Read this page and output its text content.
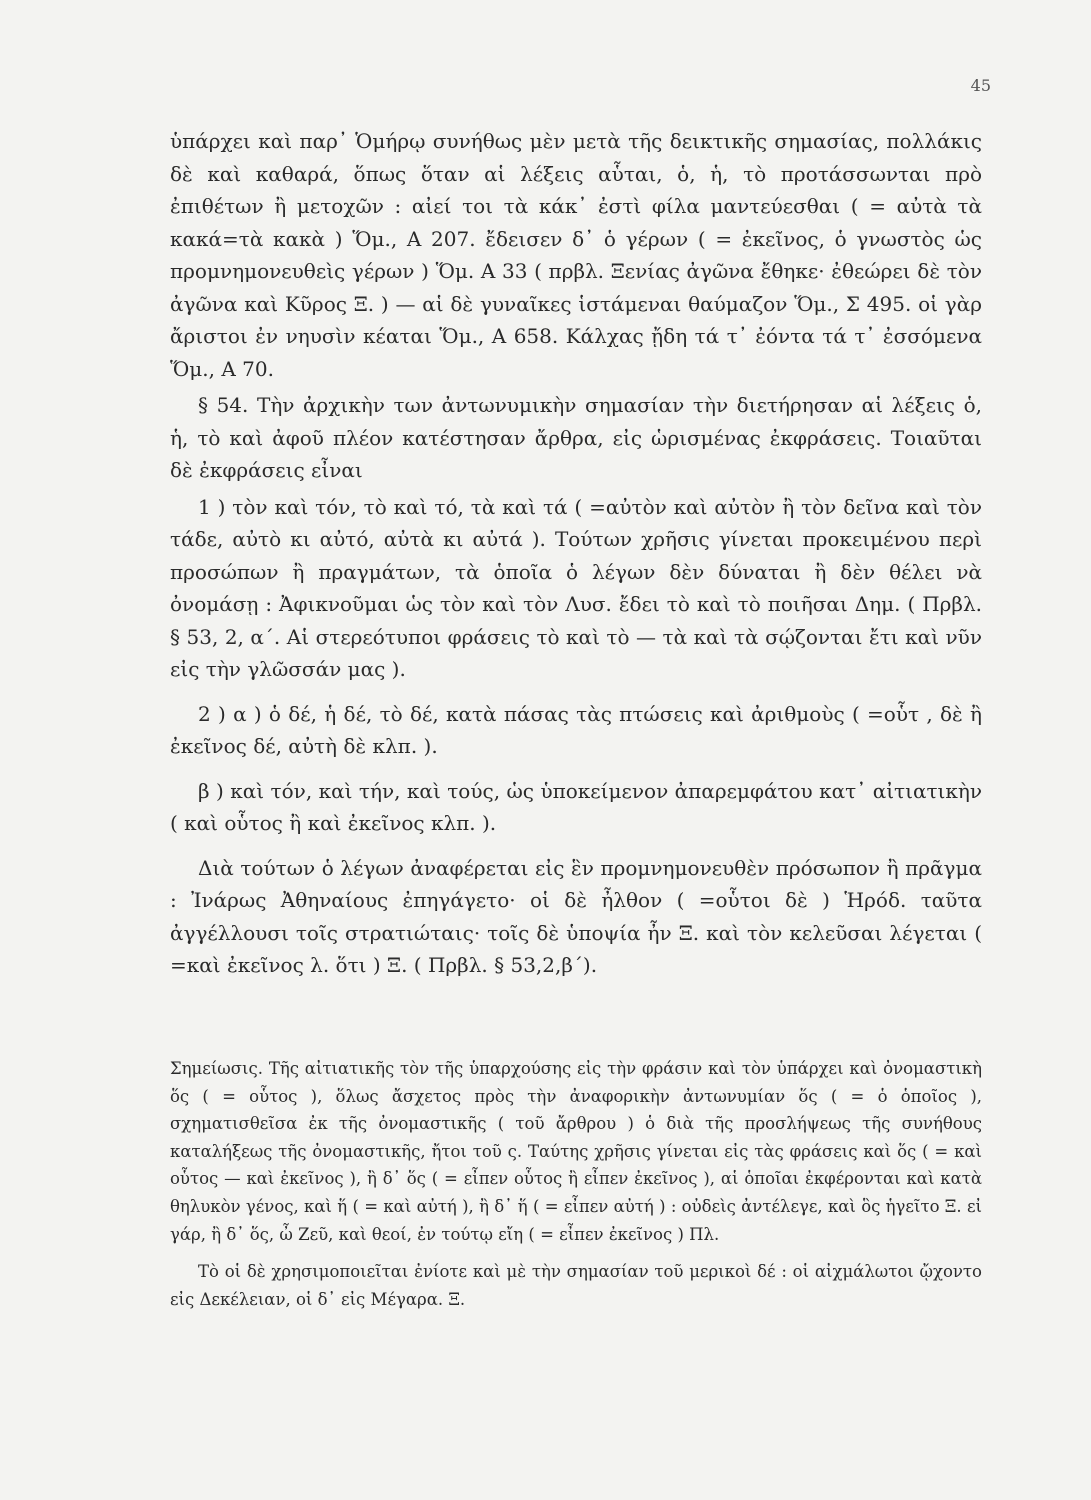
45

ὑπάρχει καὶ παρ᾽ Ὁμήρῳ συνήθως μὲν μετὰ τῆς δεικτικῆς σημασίας, πολλάκις δὲ καὶ καθαρά, ὅπως ὅταν αἱ λέξεις αὗται, ὁ, ἡ, τὸ προτάσσωνται πρὸ ἐπιθέτων ἢ μετοχῶν : αἰεί τοι τὰ κάκ᾽ ἐστὶ φίλα μαντεύεσθαι ( = αὐτὰ τὰ κακά=τὰ κακὰ ) Ὅμ., Α 207. ἔδεισεν δ᾽ ὁ γέρων ( = ἐκεῖνος, ὁ γνωστὸς ὡς προμνημονευθεὶς γέρων ) Ὅμ. Α 33 ( πρβλ. Ξενίας ἀγῶνα ἔθηκε· ἐθεώρει δὲ τὸν ἀγῶνα καὶ Κῦρος Ξ. ) — αἱ δὲ γυναῖκες ἱστάμεναι θαύμαζον Ὅμ., Σ 495. οἱ γὰρ ἄριστοι ἐν νηυσὶν κέαται Ὅμ., Α 658. Κάλχας ᾔδη τά τ᾽ ἐόντα τά τ᾽ ἐσσόμενα Ὅμ., Α 70.

§ 54. Τὴν ἀρχικὴν των ἀντωνυμικὴν σημασίαν τὴν διετήρησαν αἱ λέξεις ὁ, ἡ, τὸ καὶ ἀφοῦ πλέον κατέστησαν ἄρθρα, εἰς ὡρισμένας ἐκφράσεις. Τοιαῦται δὲ ἐκφράσεις εἶναι

1 ) τὸν καὶ τόν, τὸ καὶ τό, τὰ καὶ τά ( =αὐτὸν καὶ αὐτὸν ἢ τὸν δεῖνα καὶ τὸν τάδε, αὐτὸ κι αὐτό, αὐτὰ κι αὐτά ). Τούτων χρῆσις γίνεται προκειμένου περὶ προσώπων ἢ πραγμάτων, τὰ ὁποῖα ὁ λέγων δὲν δύναται ἢ δὲν θέλει νὰ ὀνομάσῃ : Ἀφικνοῦμαι ὡς τὸν καὶ τὸν Λυσ. ἔδει τὸ καὶ τὸ ποιῆσαι Δημ. ( Πρβλ. § 53, 2, α΄. Αἱ στερεότυποι φράσεις τὸ καὶ τὸ — τὰ καὶ τὰ σῴζονται ἔτι καὶ νῦν εἰς τὴν γλῶσσάν μας ).

2 ) α ) ὁ δέ, ἡ δέ, τὸ δέ, κατὰ πάσας τὰς πτώσεις καὶ ἀριθμοὺς ( =οὗτ , δὲ ἢ ἐκεῖνος δέ, αὐτὴ δὲ κλπ. ).

β ) καὶ τόν, καὶ τήν, καὶ τούς, ὡς ὑποκείμενον ἀπαρεμφάτου κατ᾽ αἰτιατικὴν ( καὶ οὗτος ἢ καὶ ἐκεῖνος κλπ. ).

Διὰ τούτων ὁ λέγων ἀναφέρεται εἰς ἓν προμνημονευθὲν πρόσωπον ἢ πρᾶγμα : Ἰνάρως Ἀθηναίους ἐπηγάγετο· οἱ δὲ ἦλθον ( =οὗτοι δὲ ) Ἡρόδ. ταῦτα ἀγγέλλουσι τοῖς στρατιώταις· τοῖς δὲ ὑποψία ἦν Ξ. καὶ τὸν κελεῦσαι λέγεται ( =καὶ ἐκεῖνος λ. ὅτι ) Ξ. ( Πρβλ. § 53,2,β΄).

Σημείωσις. Τῆς αἰτιατικῆς τὸν τῆς ὑπαρχούσης εἰς τὴν φράσιν καὶ τὸν ὑπάρχει καὶ ὀνομαστικὴ ὅς ( = οὗτος ), ὅλως ἄσχετος πρὸς τὴν ἀναφορικὴν ἀντωνυμίαν ὅς ( = ὁ ὁποῖος ), σχηματισθεῖσα ἐκ τῆς ὀνομαστικῆς ( τοῦ ἄρθρου ) ὁ διὰ τῆς προσλήψεως τῆς συνήθους καταλήξεως τῆς ὀνομαστικῆς, ἤτοι τοῦ ς. Ταύτης χρῆσις γίνεται εἰς τὰς φράσεις καὶ ὅς ( = καὶ οὗτος — καὶ ἐκεῖνος ), ἢ δ᾽ ὅς ( = εἶπεν οὗτος ἢ εἶπεν ἐκεῖνος ), αἱ ὁποῖαι ἐκφέρονται καὶ κατὰ θηλυκὸν γένος, καὶ ἥ ( = καὶ αὐτή ), ἢ δ᾽ ἥ ( = εἶπεν αὐτή ) : οὐδεὶς ἀντέλεγε, καὶ ὃς ἡγεῖτο Ξ. εἰ γάρ, ἢ δ᾽ ὅς, ὦ Ζεῦ, καὶ θεοί, ἐν τούτῳ εἴη ( = εἶπεν ἐκεῖνος ) Πλ.

Τὸ οἱ δὲ χρησιμοποιεῖται ἐνίοτε καὶ μὲ τὴν σημασίαν τοῦ μερικοὶ δέ : οἱ αἰχμάλωτοι ᾤχοντο εἰς Δεκέλειαν, οἱ δ᾽ εἰς Μέγαρα. Ξ.
